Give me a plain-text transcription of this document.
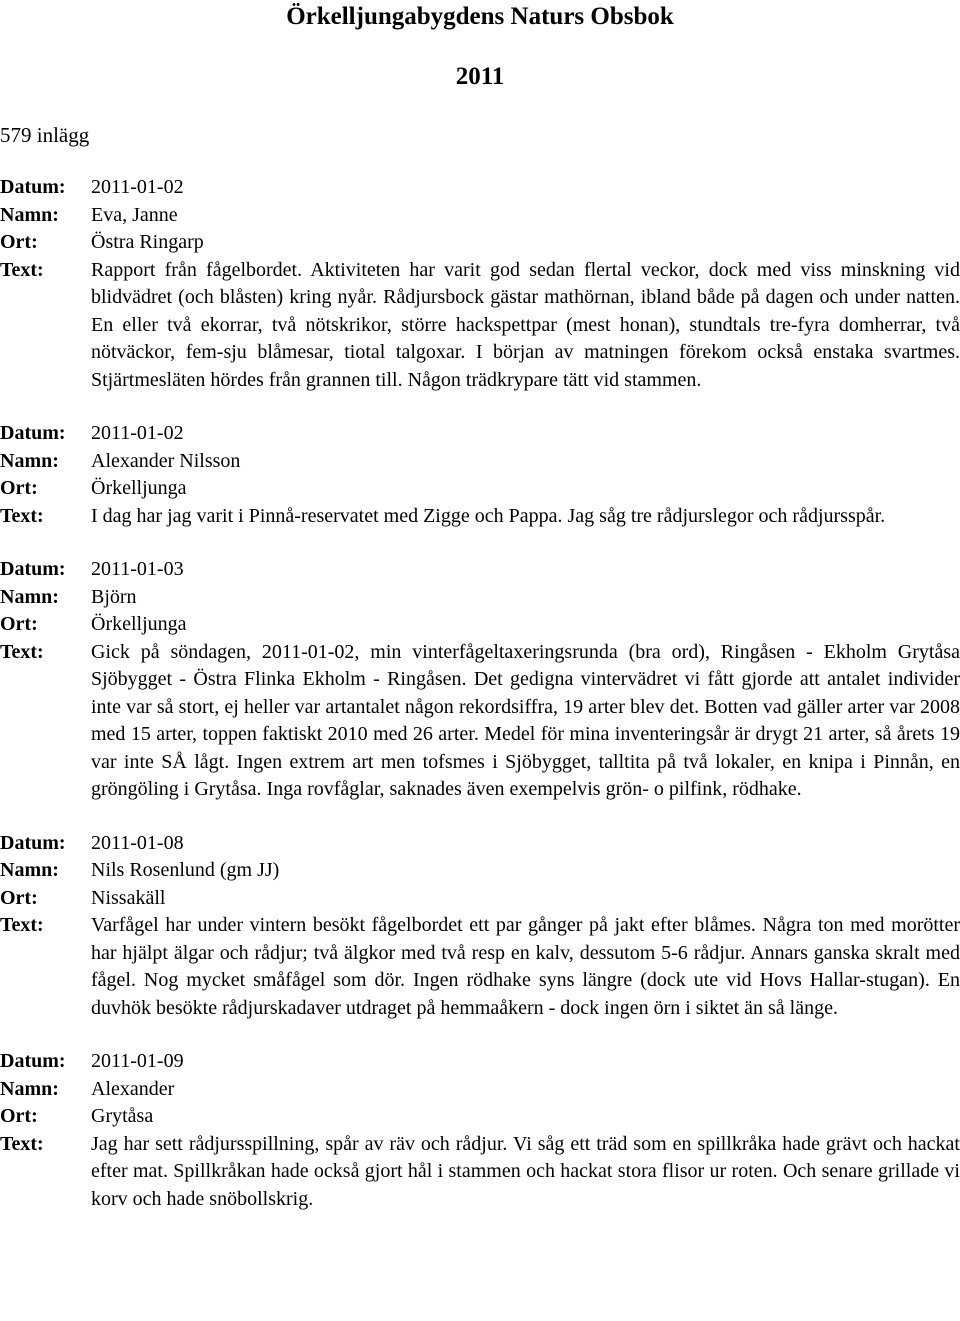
Örkelljungabygdens Naturs Obsbok
2011
579 inlägg
Datum:	2011-01-02
Namn:	Eva, Janne
Ort:	Östra Ringarp
Text:	Rapport från fågelbordet. Aktiviteten har varit god sedan flertal veckor, dock med viss minskning vid blidvädret (och blåsten) kring nyår. Rådjursbock gästar mathörnan, ibland både på dagen och under natten. En eller två ekorrar, två nötskrikor, större hackspettpar (mest honan), stundtals tre-fyra domherrar, två nötväckor, fem-sju blåmesar, tiotal talgoxar. I början av matningen förekom också enstaka svartmes. Stjärtmesläten hördes från grannen till. Någon trädkrypare tätt vid stammen.
Datum:	2011-01-02
Namn:	Alexander Nilsson
Ort:	Örkelljunga
Text:	I dag har jag varit i Pinnå-reservatet med Zigge och Pappa. Jag såg tre rådjurslegor och rådjursspår.
Datum:	2011-01-03
Namn:	Björn
Ort:	Örkelljunga
Text:	Gick på söndagen, 2011-01-02, min vinterfågeltaxeringsrunda (bra ord), Ringåsen - Ekholm Grytåsa Sjöbygget - Östra Flinka Ekholm - Ringåsen. Det gedigna vintervädret vi fått gjorde att antalet individer inte var så stort, ej heller var artantalet någon rekordsiffra, 19 arter blev det. Botten vad gäller arter var 2008 med 15 arter, toppen faktiskt 2010 med 26 arter. Medel för mina inventeringsår är drygt 21 arter, så årets 19 var inte SÅ lågt. Ingen extrem art men tofsmes i Sjöbygget, talltita på två lokaler, en knipa i Pinnån, en gröngöling i Grytåsa. Inga rovfåglar, saknades även exempelvis grön- o pilfink, rödhake.
Datum:	2011-01-08
Namn:	Nils Rosenlund (gm JJ)
Ort:	Nissakäll
Text:	Varfågel har under vintern besökt fågelbordet ett par gånger på jakt efter blåmes. Några ton med morötter har hjälpt älgar och rådjur; två älgkor med två resp en kalv, dessutom 5-6 rådjur. Annars ganska skralt med fågel. Nog mycket småfågel som dör. Ingen rödhake syns längre (dock ute vid Hovs Hallar-stugan). En duvhök besökte rådjurskadaver utdraget på hemmaåkern - dock ingen örn i siktet än så länge.
Datum:	2011-01-09
Namn:	Alexander
Ort:	Grytåsa
Text:	Jag har sett rådjursspillning, spår av räv och rådjur. Vi såg ett träd som en spillkråka hade grävt och hackat efter mat. Spillkråkan hade också gjort hål i stammen och hackat stora flisor ur roten. Och senare grillade vi korv och hade snöbollskrig.
